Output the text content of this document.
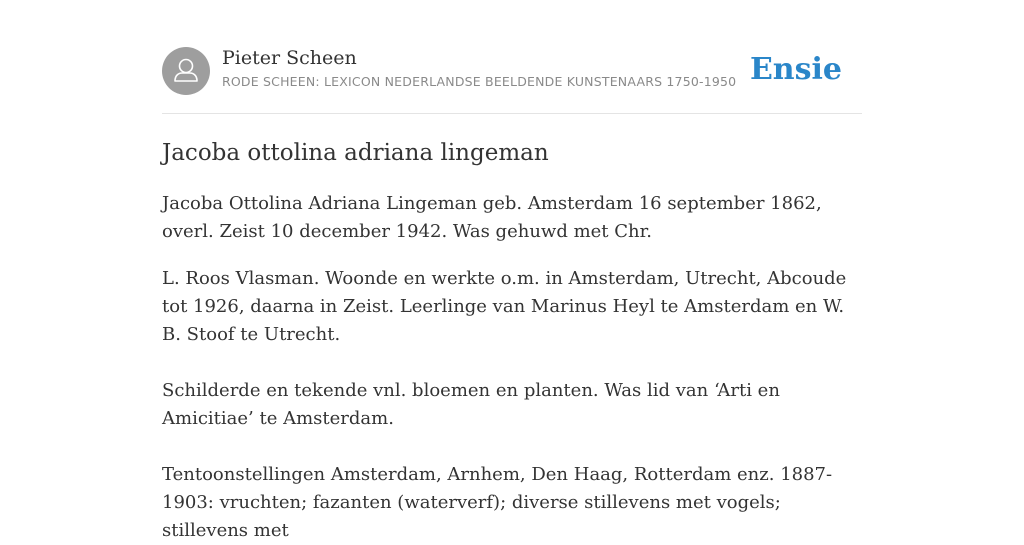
Pieter Scheen
RODE SCHEEN: LEXICON NEDERLANDSE BEELDENDE KUNSTENAARS 1750-1950 Ensie
Jacoba ottolina adriana lingeman

Jacoba Ottolina Adriana Lingeman geb. Amsterdam 16 september 1862, overl. Zeist 10 december 1942. Was gehuwd met Chr.

L. Roos Vlasman. Woonde en werkte o.m. in Amsterdam, Utrecht, Abcoude tot 1926, daarna in Zeist. Leerlinge van Marinus Heyl te Amsterdam en W. B. Stoof te Utrecht.

Schilderde en tekende vnl. bloemen en planten. Was lid van ‘Arti en Amicitiae’ te Amsterdam.

Tentoonstellingen Amsterdam, Arnhem, Den Haag, Rotterdam enz. 1887-1903: vruchten; fazanten (waterverf); diverse stillevens met vogels; stillevens met
